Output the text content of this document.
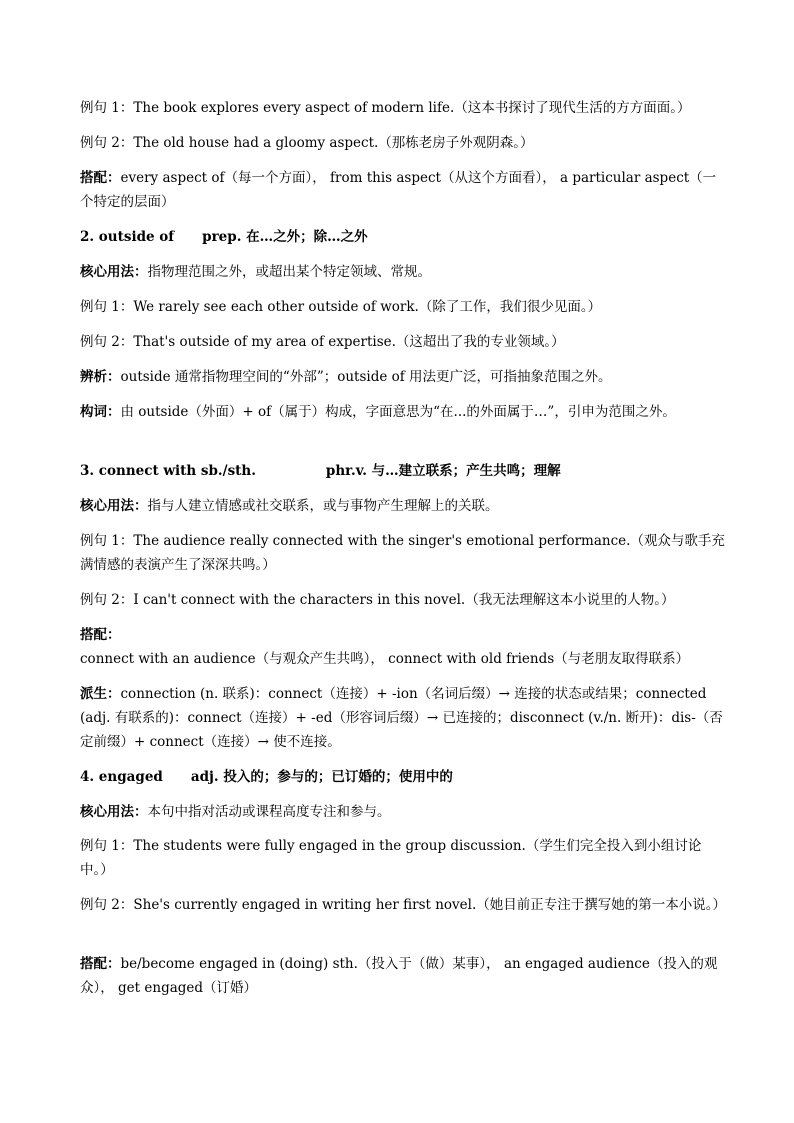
例句 1：The book explores every aspect of modern life.（这本书探讨了现代生活的方方面面。）
例句 2：The old house had a gloomy aspect.（那栋老房子外观阴森。）
搭配：every aspect of（每一个方面）， from this aspect（从这个方面看）， a particular aspect（一个特定的层面）
2. outside of prep. 在…之外；除…之外
核心用法：指物理范围之外，或超出某个特定领域、常规。
例句 1：We rarely see each other outside of work.（除了工作，我们很少见面。）
例句 2：That's outside of my area of expertise.（这超出了我的专业领域。）
辨析：outside 通常指物理空间的“外部”；outside of 用法更广泛，可指抽象范围之外。
构词：由 outside（外面）+ of（属于）构成，字面意思为“在...的外面属于…”，引申为范围之外。
3. connect with sb./sth.	phr.v. 与…建立联系；产生共鸣；理解
核心用法：指与人建立情感或社交联系，或与事物产生理解上的关联。
例句 1：The audience really connected with the singer's emotional performance.（观众与歌手充满情感的表演产生了深深共鸣。）
例句 2：I can't connect with the characters in this novel.（我无法理解这本小说里的人物。）
搭配：connect with an audience（与观众产生共鸣）， connect with old friends（与老朋友取得联系）
派生：connection (n. 联系)：connect（连接）+ -ion（名词后缀）→ 连接的状态或结果；connected (adj. 有联系的)：connect（连接）+ -ed（形容词后缀）→ 已连接的；disconnect (v./n. 断开)：dis-（否定前缀）+ connect（连接）→ 使不连接。
4. engaged adj. 投入的；参与的；已订婚的；使用中的
核心用法：本句中指对活动或课程高度专注和参与。
例句 1：The students were fully engaged in the group discussion.（学生们完全投入到小组讨论中。）
例句 2：She's currently engaged in writing her first novel.（她目前正专注于撰写她的第一本小说。）
搭配：be/become engaged in (doing) sth.（投入于（做）某事）， an engaged audience（投入的观众）， get engaged（订婚）
